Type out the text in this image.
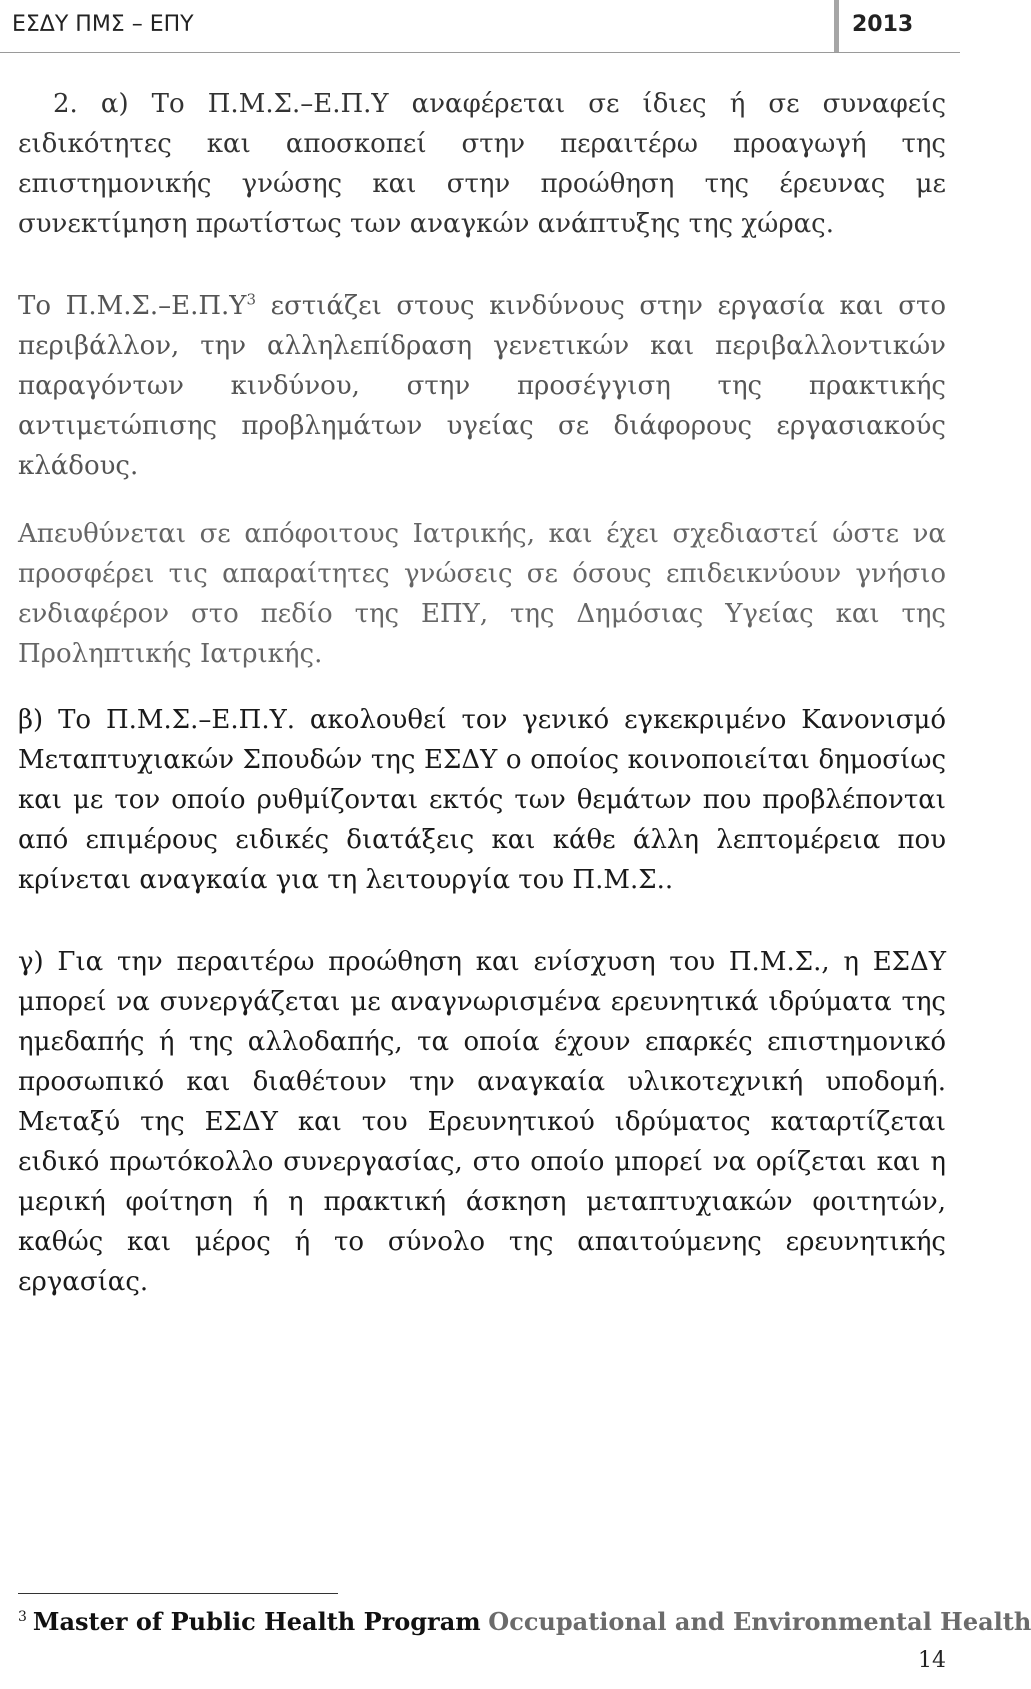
ΕΣΔΥ ΠΜΣ – ΕΠΥ	2013

2. α) Το Π.Μ.Σ.–Ε.Π.Υ αναφέρεται σε ίδιες ή σε συναφείς ειδικότητες και αποσκοπεί στην περαιτέρω προαγωγή της επιστημονικής γνώσης και στην προώθηση της έρευνας με συνεκτίμηση πρωτίστως των αναγκών ανάπτυξης της χώρας.

Το $\Pi.M.\Sigma.-E.\Pi.\Upsilon^3$ εστιάζει στους κινδύνους στην εργασία και στο περιβάλλον, την αλληλεπίδραση γενετικών και περιβαλλοντικών παραγόντων κινδύνου, στην προσέγγιση της πρακτικής αντιμετώπισης προβλημάτων υγείας σε διάφορους εργασιακούς κλάδους.

Απευθύνεται σε απόφοιτους Ιατρικής, και έχει σχεδιαστεί ώστε να προσφέρει τις απαραίτητες γνώσεις σε όσους επιδεικνύουν γνήσιο ενδιαφέρον στο πεδίο της ΕΠΥ, της Δημόσιας Υγείας και της Προληπτικής Ιατρικής.

β) Το Π.Μ.Σ.–Ε.Π.Υ. ακολουθεί τον γενικό εγκεκριμένο Κανονισμό Μεταπτυχιακών Σπουδών της ΕΣΔΥ ο οποίος κοινοποιείται δημοσίως και με τον οποίο ρυθμίζονται εκτός των θεμάτων που προβλέπονται από επιμέρους ειδικές διατάξεις και κάθε άλλη λεπτομέρεια που κρίνεται αναγκαία για τη λειτουργία του Π.Μ.Σ..

γ) Για την περαιτέρω προώθηση και ενίσχυση του Π.Μ.Σ., η ΕΣΔΥ μπορεί να συνεργάζεται με αναγνωρισμένα ερευνητικά ιδρύματα της ημεδαπής ή της αλλοδαπής, τα οποία έχουν επαρκές επιστημονικό προσωπικό και διαθέτουν την αναγκαία υλικοτεχνική υποδομή. Μεταξύ της ΕΣΔΥ και του Ερευνητικού ιδρύματος καταρτίζεται ειδικό πρωτόκολλο συνεργασίας, στο οποίο μπορεί να ορίζεται και η μερική φοίτηση ή η πρακτική άσκηση μεταπτυχιακών φοιτητών, καθώς και μέρος ή το σύνολο της απαιτούμενης ερευνητικής εργασίας.

$^3$ Master of Public Health Program Occupational and Environmental Health
14
